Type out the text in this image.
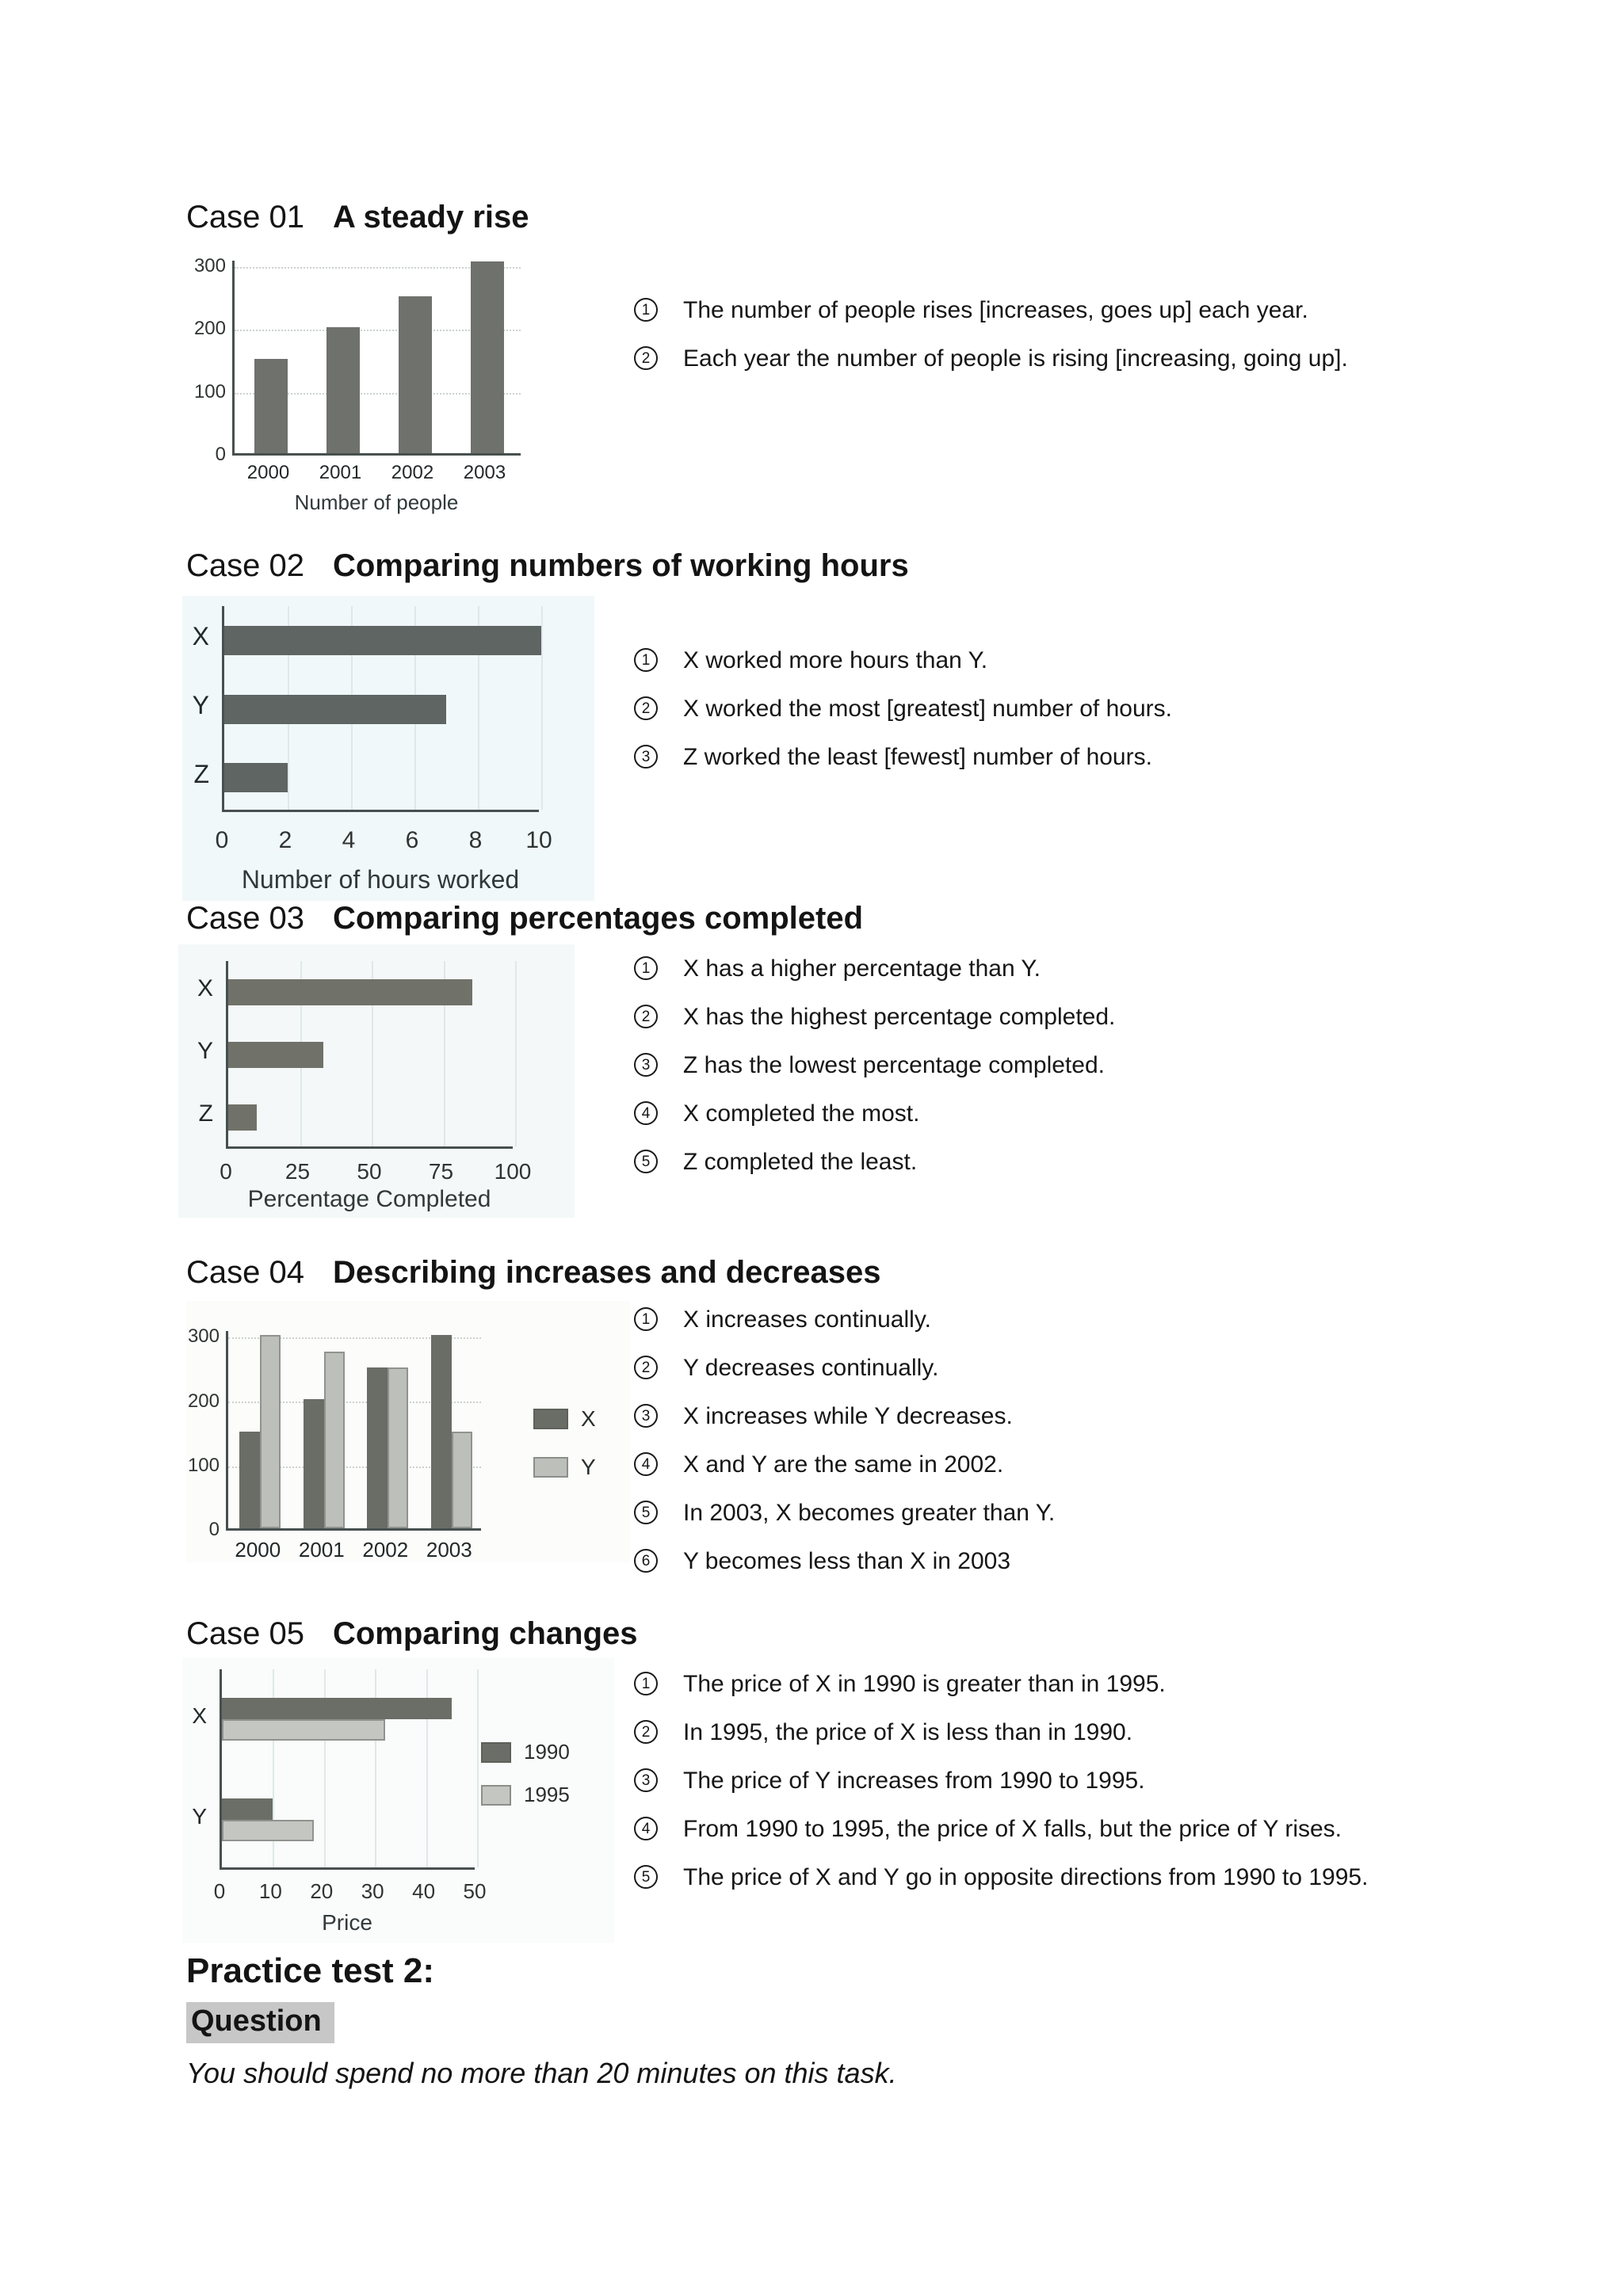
Case 01 A steady rise
0
100
200
300
2000	2001	2002	2003
Number of people
1	The number of people rises [increases, goes up] each year.
2	Each year the number of people is rising [increasing, going up].
Case 02 Comparing numbers of working hours
0	2	4	6	8	10
X
Y
Z
Number of hours worked
1	X worked more hours than Y.
2	X worked the most [greatest] number of hours.
3	Z worked the least [fewest] number of hours.
Case 03 Comparing percentages completed
0	25	50	75	100
X
Y
Z
Percentage Completed
1	X has a higher percentage than Y.
2	X has the highest percentage completed.
3	Z has the lowest percentage completed.
4	X completed the most.
5	Z completed the least.
Case 04 Describing increases and decreases
0
100
200
300
2000 2001 2002 2003
X
Y
1	X increases continually.
2	Y decreases continually.
3	X increases while Y decreases.
4	X and Y are the same in 2002.
5	In 2003, X becomes greater than Y.
6	Y becomes less than X in 2003
Case 05 Comparing changes
0	10	20	30	40	50
X
Y
Price
1990
1995
1	The price of X in 1990 is greater than in 1995.
2	In 1995, the price of X is less than in 1990.
3	The price of Y increases from 1990 to 1995.
4	From 1990 to 1995, the price of X falls, but the price of Y rises.
5	The price of X and Y go in opposite directions from 1990 to 1995.
Practice test 2:
Question
You should spend no more than 20 minutes on this task.
